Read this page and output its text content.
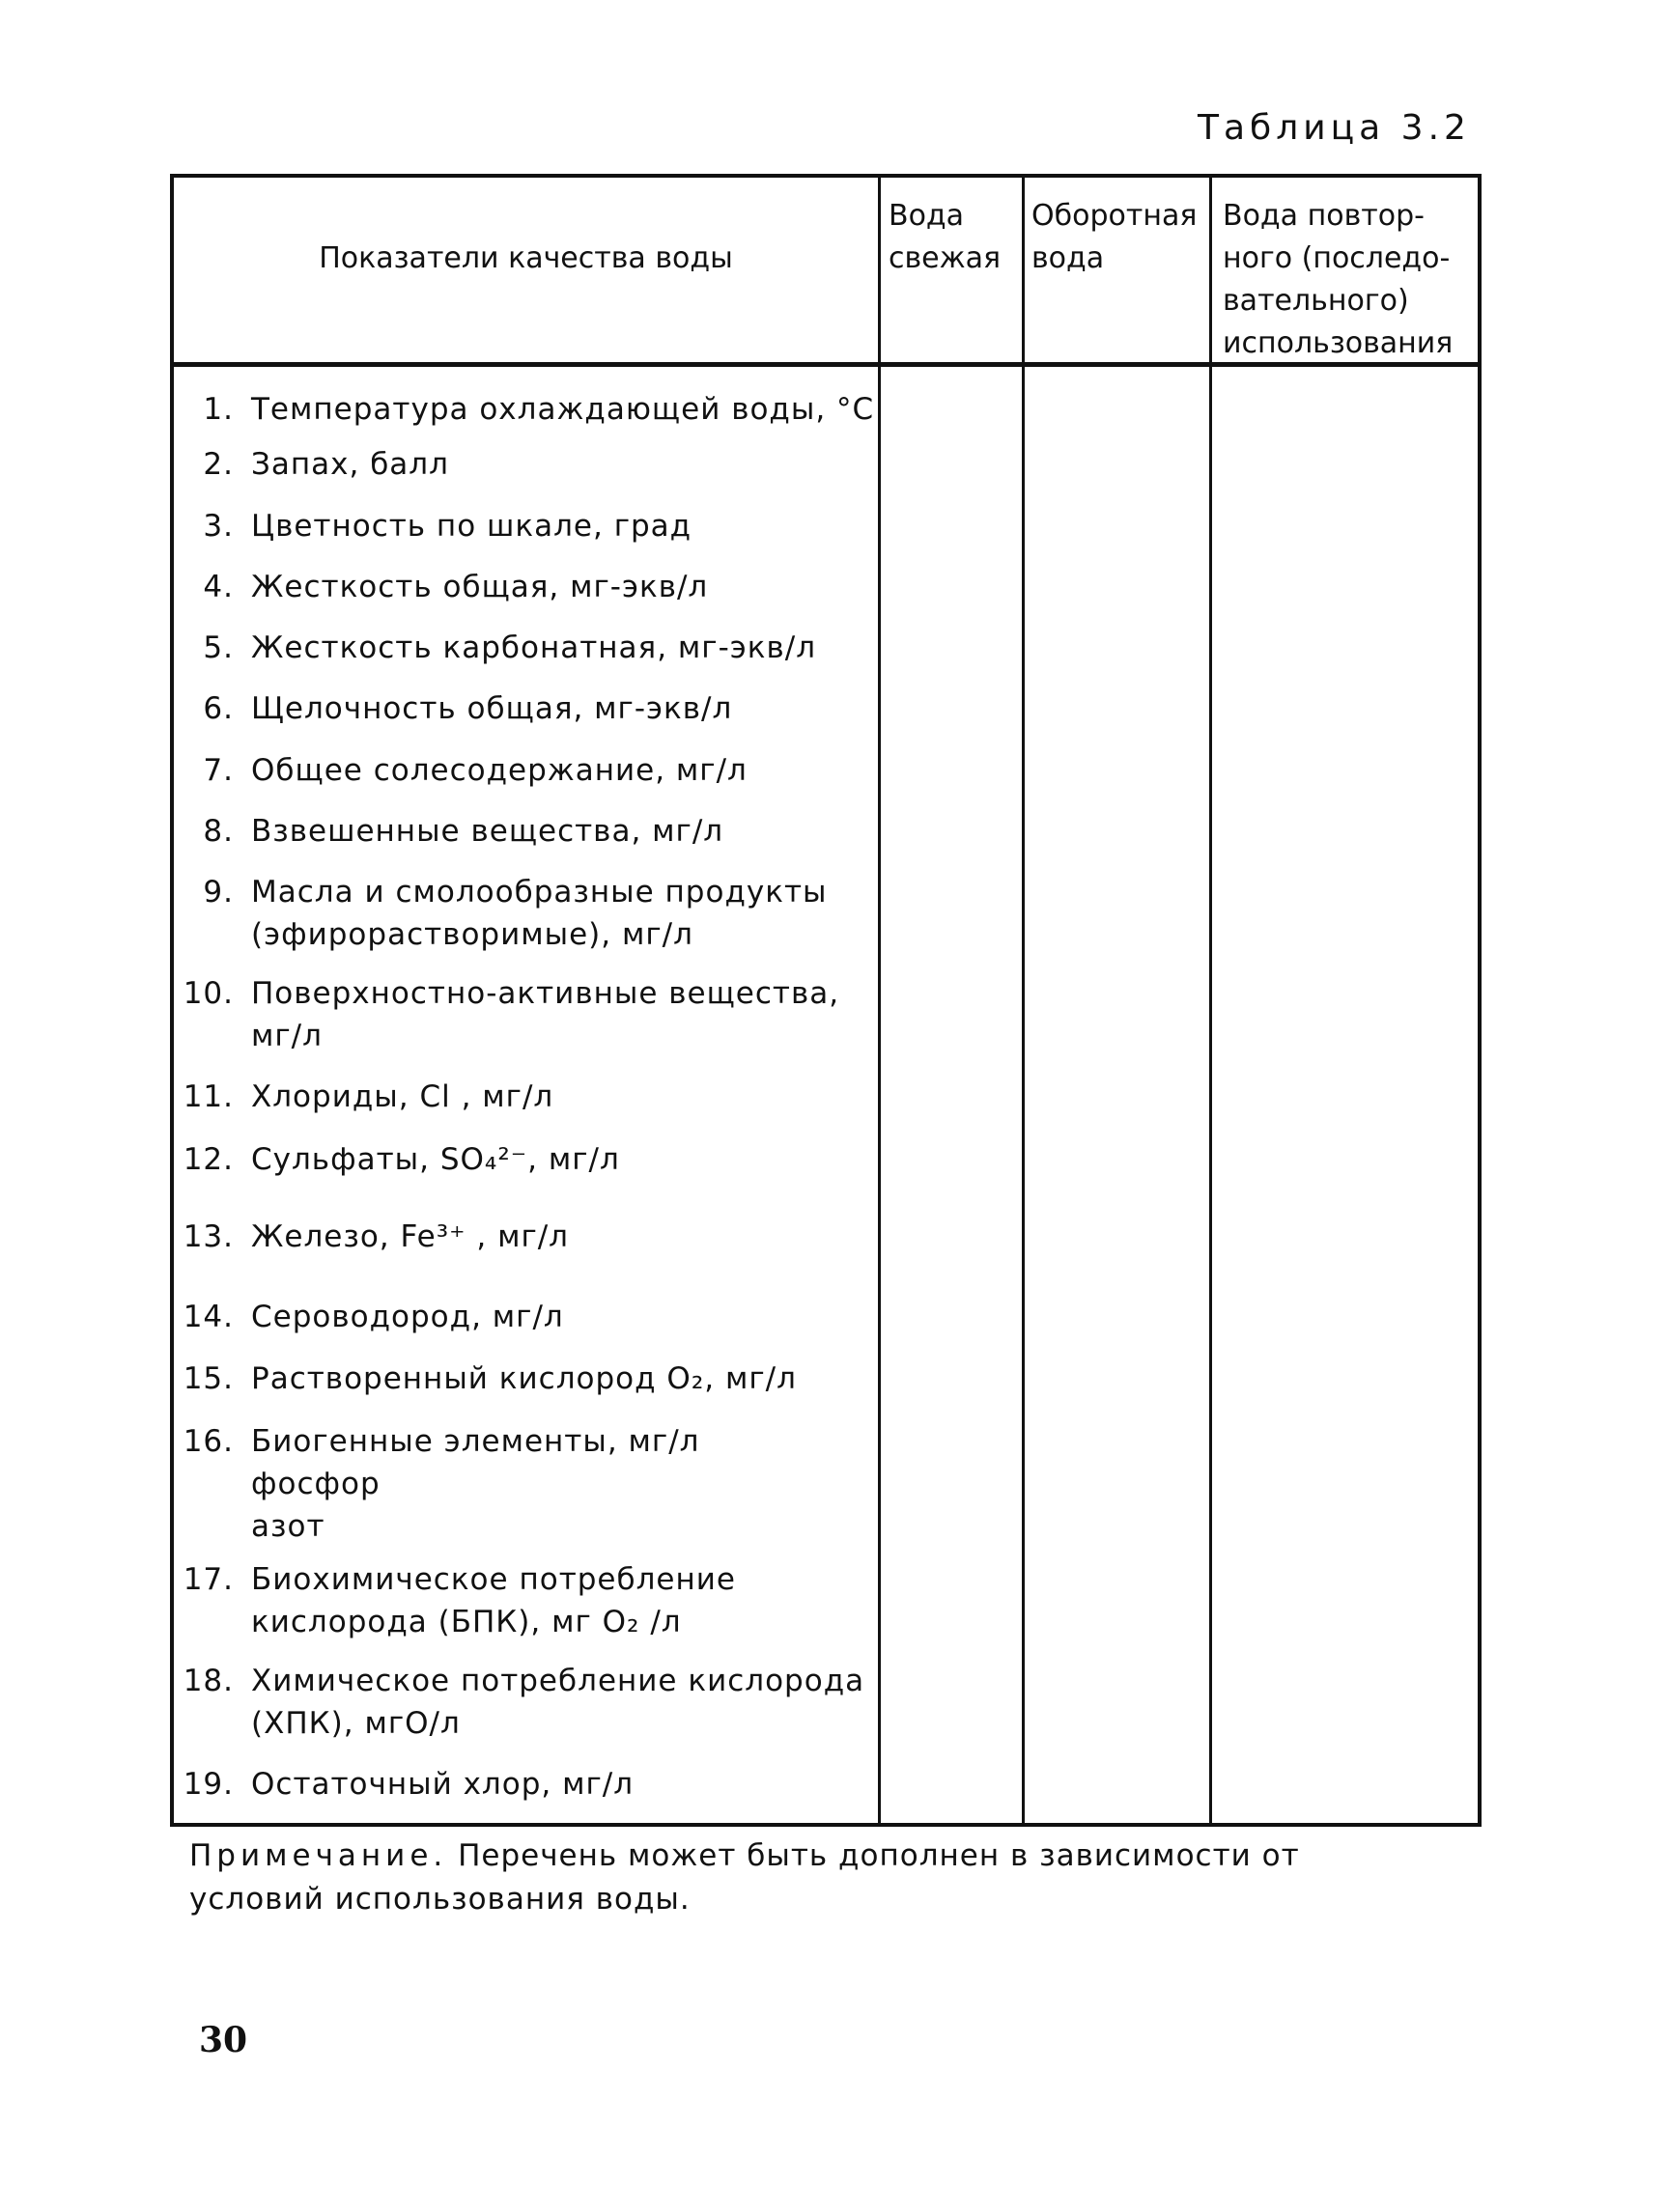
Таблица 3.2
Показатели качества воды
Вода
свежая
Оборотная
вода
Вода повтор-
ного (последо-
вательного)
использования
1. Температура охлаждающей воды, °С
2. Запах, балл
3. Цветность по шкале, град
4. Жесткость общая, мг-экв/л
5. Жесткость карбонатная, мг-экв/л
6. Щелочность общая, мг-экв/л
7. Общее солесодержание, мг/л
8. Взвешенные вещества, мг/л
9. Масла и смолообразные продукты
(эфирорастворимые), мг/л
10. Поверхностно-активные вещества,
мг/л
11. Хлориды, Cl , мг/л
12. Сульфаты, SO₄²⁻, мг/л
13. Железо, Fe³⁺ , мг/л
14. Сероводород, мг/л
15. Растворенный кислород O₂, мг/л
16. Биогенные элементы, мг/л
фосфор
азот
17. Биохимическое потребление
кислорода (БПК), мг O₂ /л
18. Химическое потребление кислорода
(ХПК), мгО/л
19. Остаточный хлор, мг/л
Примечание. Перечень может быть дополнен в зависимости от условий использования воды.
30
